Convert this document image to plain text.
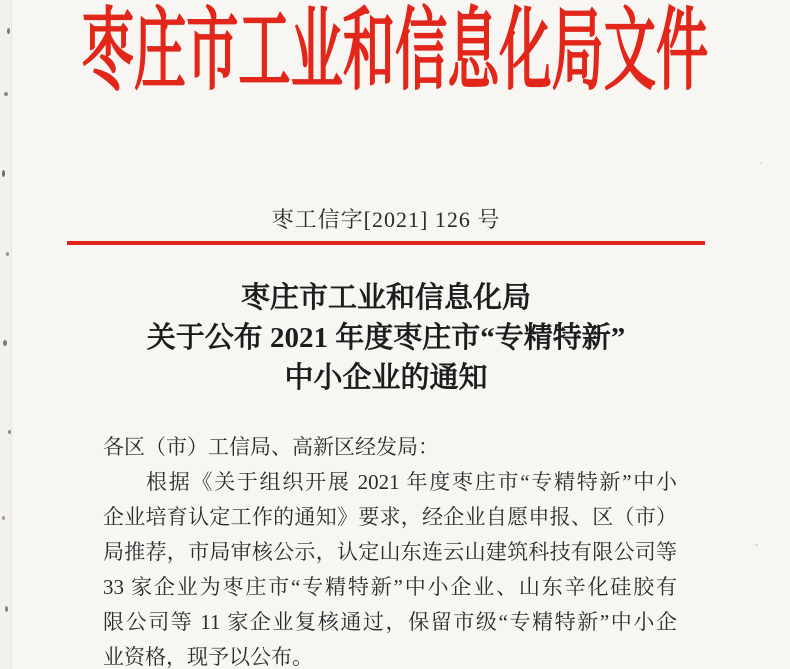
枣庄市工业和信息化局文件
枣工信字[2021] 126 号
枣庄市工业和信息化局
关于公布 2021 年度枣庄市“专精特新”
中小企业的通知
各区（市）工信局、高新区经发局：
根据《关于组织开展 2021 年度枣庄市“专精特新”中小
企业培育认定工作的通知》要求，经企业自愿申报、区（市）
局推荐，市局审核公示，认定山东连云山建筑科技有限公司等
33 家企业为枣庄市“专精特新”中小企业、山东辛化硅胶有
限公司等 11 家企业复核通过，保留市级“专精特新”中小企
业资格，现予以公布。
